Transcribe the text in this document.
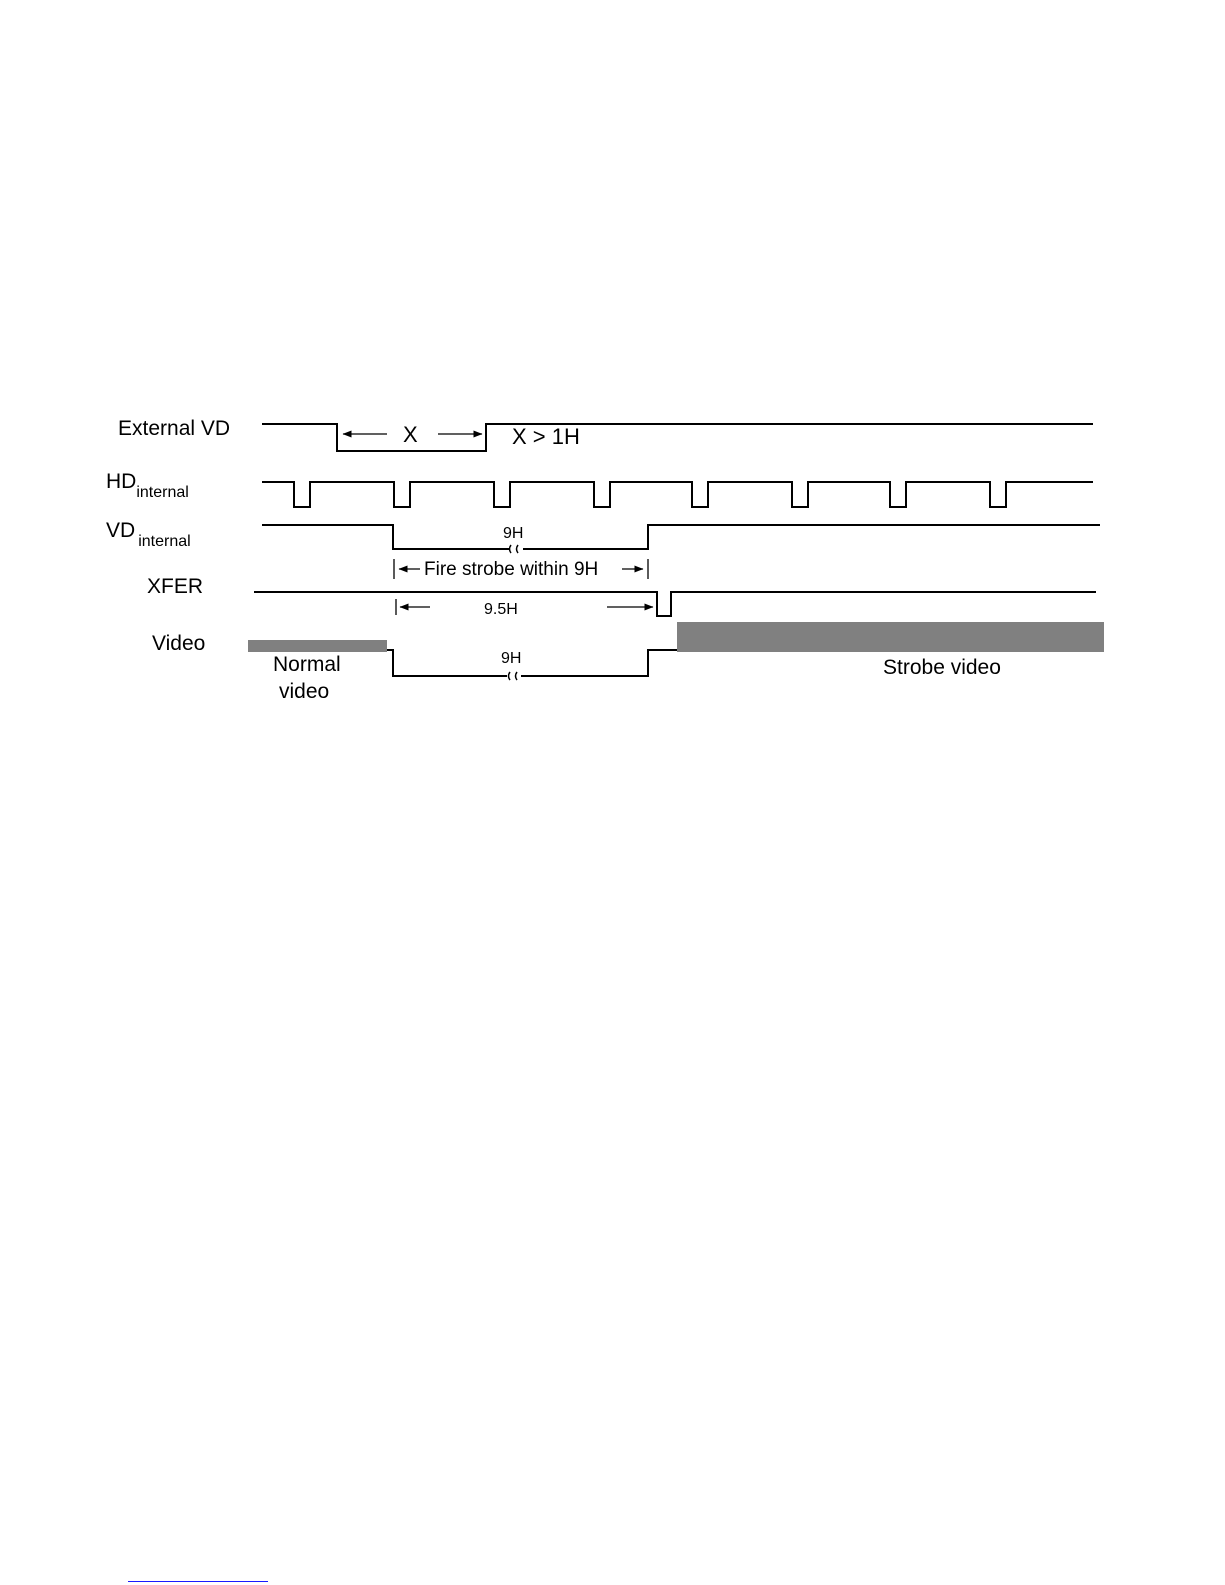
External VD
$HD_{internal}$
VD $_{internal}$
XFER
Video
X	X > 1H
9H
Fire strobe within 9H
9.5H
9H
Normal
video
Strobe video
